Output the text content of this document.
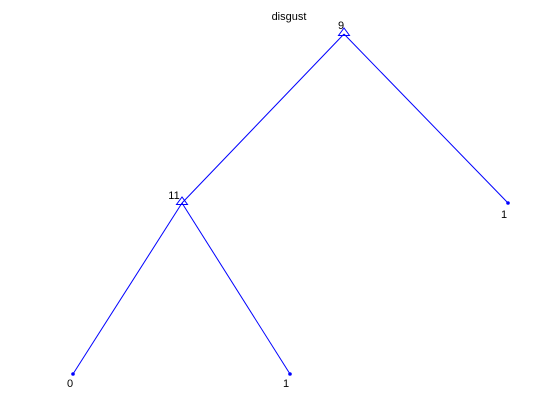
disgust
9
11
1
0	1
